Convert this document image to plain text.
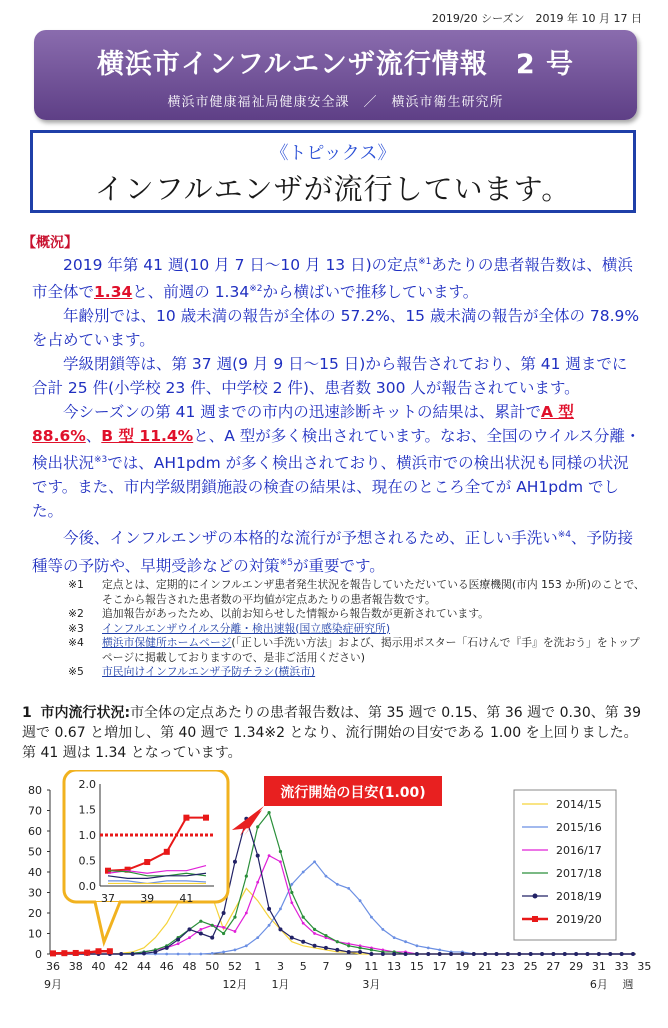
2019/20 シーズン　2019 年 10 月 17 日
横浜市インフルエンザ流行情報　2 号
横浜市健康福祉局健康安全課　／　横浜市衛生研究所
《トピックス》
インフルエンザが流行しています。
【概況】

2019 年第 41 週(10 月 7 日～10 月 13 日)の定点$^{※1}$あたりの患者報告数は、横浜市全体で1.34と、前週の 1.34$^{※2}$から横ばいで推移しています。

年齢別では、10 歳未満の報告が全体の 57.2%、15 歳未満の報告が全体の 78.9%を占めています。

学級閉鎖等は、第 37 週(9 月 9 日～15 日)から報告されており、第 41 週までに合計 25 件(小学校 23 件、中学校 2 件)、患者数 300 人が報告されています。

今シーズンの第 41 週までの市内の迅速診断キットの結果は、累計でA 型 88.6%、B 型 11.4%と、A 型が多く検出されています。なお、全国のウイルス分離・検出状況$^{※3}$では、AH1pdm が多く検出されており、横浜市での検出状況も同様の状況です。また、市内学級閉鎖施設の検査の結果は、現在のところ全てが AH1pdm でした。

今後、インフルエンザの本格的な流行が予想されるため、正しい手洗い$^{※4}$、予防接種等の予防や、早期受診などの対策$^{※5}$が重要です。

※1	定点とは、定期的にインフルエンザ患者発生状況を報告していただいている医療機関(市内 153 か所)のことで、そこから報告された患者数の平均値が定点あたりの患者報告数です。
※2	追加報告があったため、以前お知らせした情報から報告数が更新されています。
※3	インフルエンザウイルス分離・検出速報(国立感染症研究所)
※4	横浜市保健所ホームページ(「正しい手洗い方法」および、掲示用ポスター「石けんで『手』を洗おう」をトップページに掲載しておりますので、是非ご活用ください)
※5	市民向けインフルエンザ予防チラシ(横浜市)
1 市内流行状況:市全体の定点あたりの患者報告数は、第 35 週で 0.15、第 36 週で 0.30、第 39 週で 0.67 と増加し、第 40 週で 1.34※2 となり、流行開始の目安である 1.00 を上回りました。第 41 週は 1.34 となっています。
0
10
20
30
40
50
60
70
80
36 38 40 42 44 46 48 50 52 1 3 5 7 9 11 13 15 17 19 21 23 25 27 29 31 33 35
9月	12月 1月	3月	6月 週
2014/15
2015/16
2016/17
2017/18
2018/19
2019/20
0.0
0.5
1.0
1.5
2.0
37 39 41
流行開始の目安(1.00)
